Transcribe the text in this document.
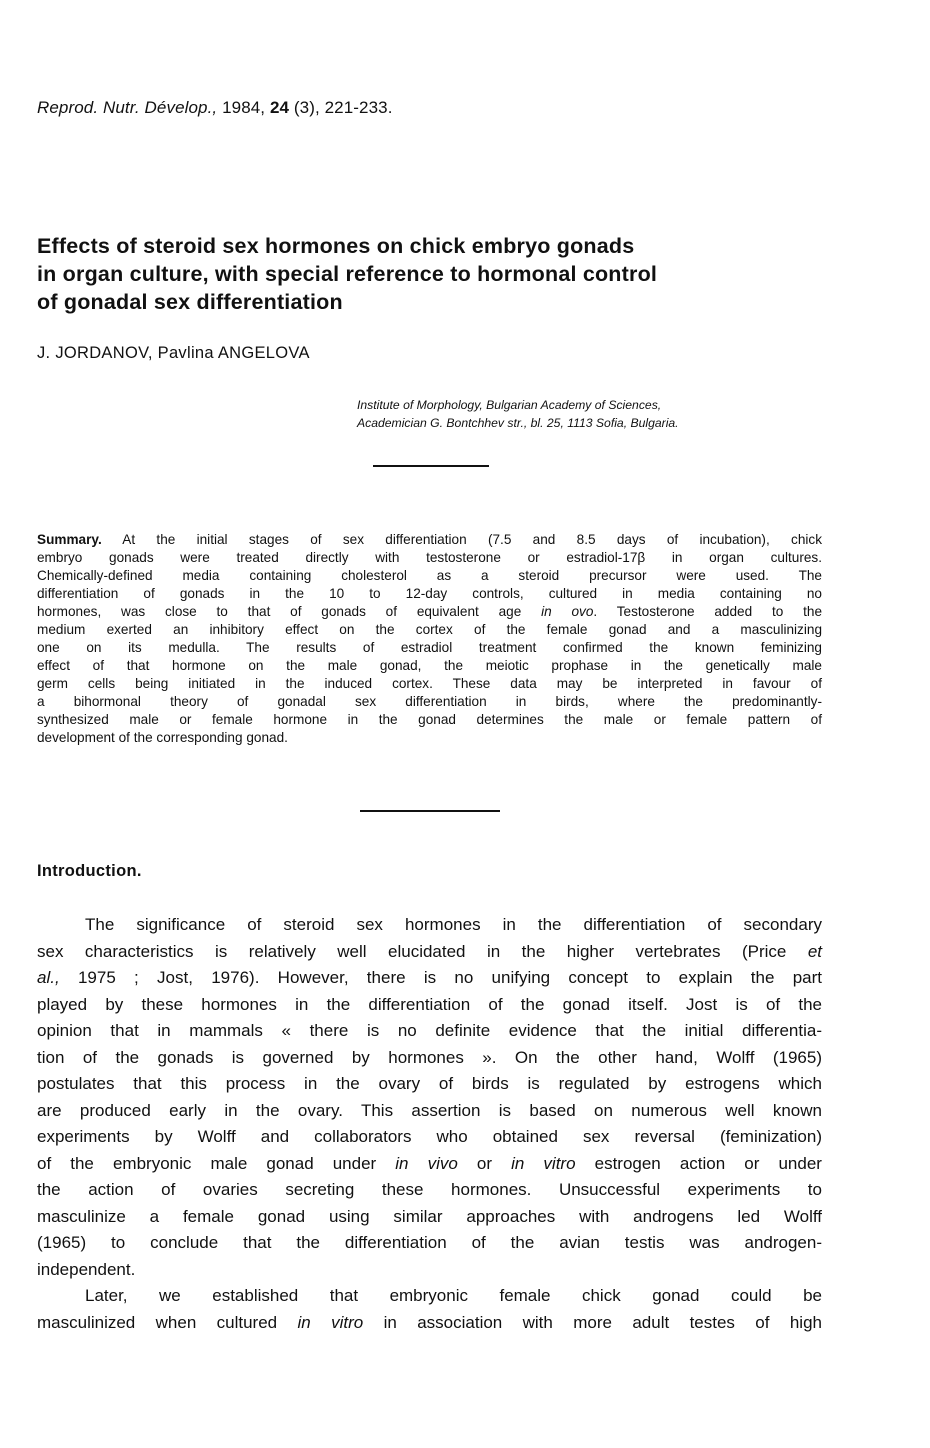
Reprod. Nutr. Dévelop., 1984, 24 (3), 221-233.
Effects of steroid sex hormones on chick embryo gonads
in organ culture, with special reference to hormonal control
of gonadal sex differentiation
J. JORDANOV, Pavlina ANGELOVA
Institute of Morphology, Bulgarian Academy of Sciences,
Academician G. Bontchhev str., bl. 25, 1113 Sofia, Bulgaria.
Summary. At the initial stages of sex differentiation (7.5 and 8.5 days of incubation), chick
embryo gonads were treated directly with testosterone or estradiol-17β in organ cultures.
Chemically-defined media containing cholesterol as a steroid precursor were used. The
differentiation of gonads in the 10 to 12-day controls, cultured in media containing no
hormones, was close to that of gonads of equivalent age in ovo. Testosterone added to the
medium exerted an inhibitory effect on the cortex of the female gonad and a masculinizing
one on its medulla. The results of estradiol treatment confirmed the known feminizing
effect of that hormone on the male gonad, the meiotic prophase in the genetically male
germ cells being initiated in the induced cortex. These data may be interpreted in favour of
a bihormonal theory of gonadal sex differentiation in birds, where the predominantly-
synthesized male or female hormone in the gonad determines the male or female pattern of
development of the corresponding gonad.
Introduction.
The significance of steroid sex hormones in the differentiation of secondary
sex characteristics is relatively well elucidated in the higher vertebrates (Price et
al., 1975 ; Jost, 1976). However, there is no unifying concept to explain the part
played by these hormones in the differentiation of the gonad itself. Jost is of the
opinion that in mammals « there is no definite evidence that the initial differentia-
tion of the gonads is governed by hormones ». On the other hand, Wolff (1965)
postulates that this process in the ovary of birds is regulated by estrogens which
are produced early in the ovary. This assertion is based on numerous well known
experiments by Wolff and collaborators who obtained sex reversal (feminization)
of the embryonic male gonad under in vivo or in vitro estrogen action or under
the action of ovaries secreting these hormones. Unsuccessful experiments to
masculinize a female gonad using similar approaches with androgens led Wolff
(1965) to conclude that the differentiation of the avian testis was androgen-
independent.
Later, we established that embryonic female chick gonad could be
masculinized when cultured in vitro in association with more adult testes of high
